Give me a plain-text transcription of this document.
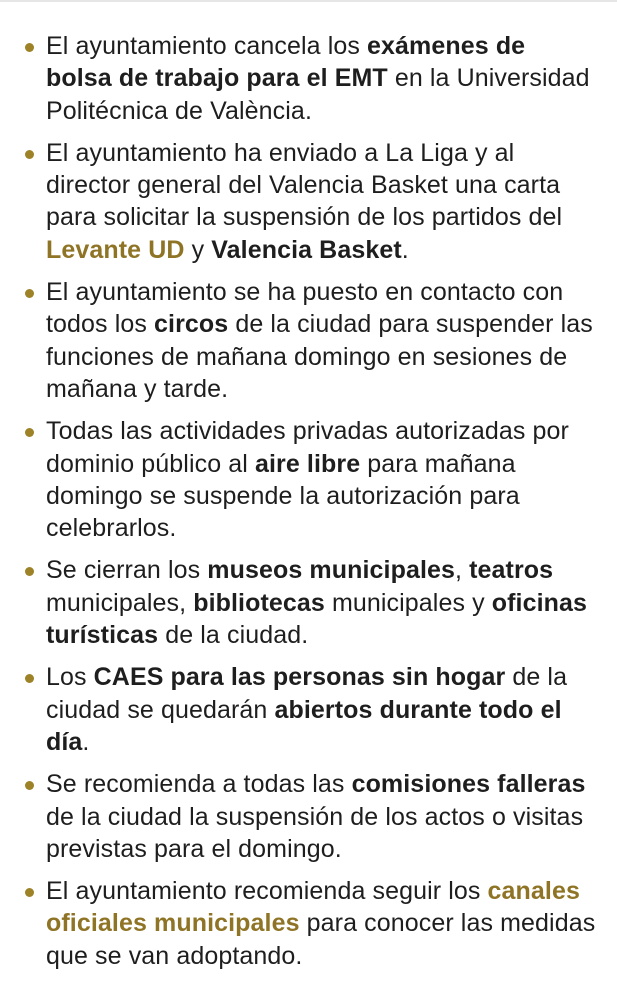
El ayuntamiento cancela los exámenes de bolsa de trabajo para el EMT en la Universidad Politécnica de València.
El ayuntamiento ha enviado a La Liga y al director general del Valencia Basket una carta para solicitar la suspensión de los partidos del Levante UD y Valencia Basket.
El ayuntamiento se ha puesto en contacto con todos los circos de la ciudad para suspender las funciones de mañana domingo en sesiones de mañana y tarde.
Todas las actividades privadas autorizadas por dominio público al aire libre para mañana domingo se suspende la autorización para celebrarlos.
Se cierran los museos municipales, teatros municipales, bibliotecas municipales y oficinas turísticas de la ciudad.
Los CAES para las personas sin hogar de la ciudad se quedarán abiertos durante todo el día.
Se recomienda a todas las comisiones falleras de la ciudad la suspensión de los actos o visitas previstas para el domingo.
El ayuntamiento recomienda seguir los canales oficiales municipales para conocer las medidas que se van adoptando.
